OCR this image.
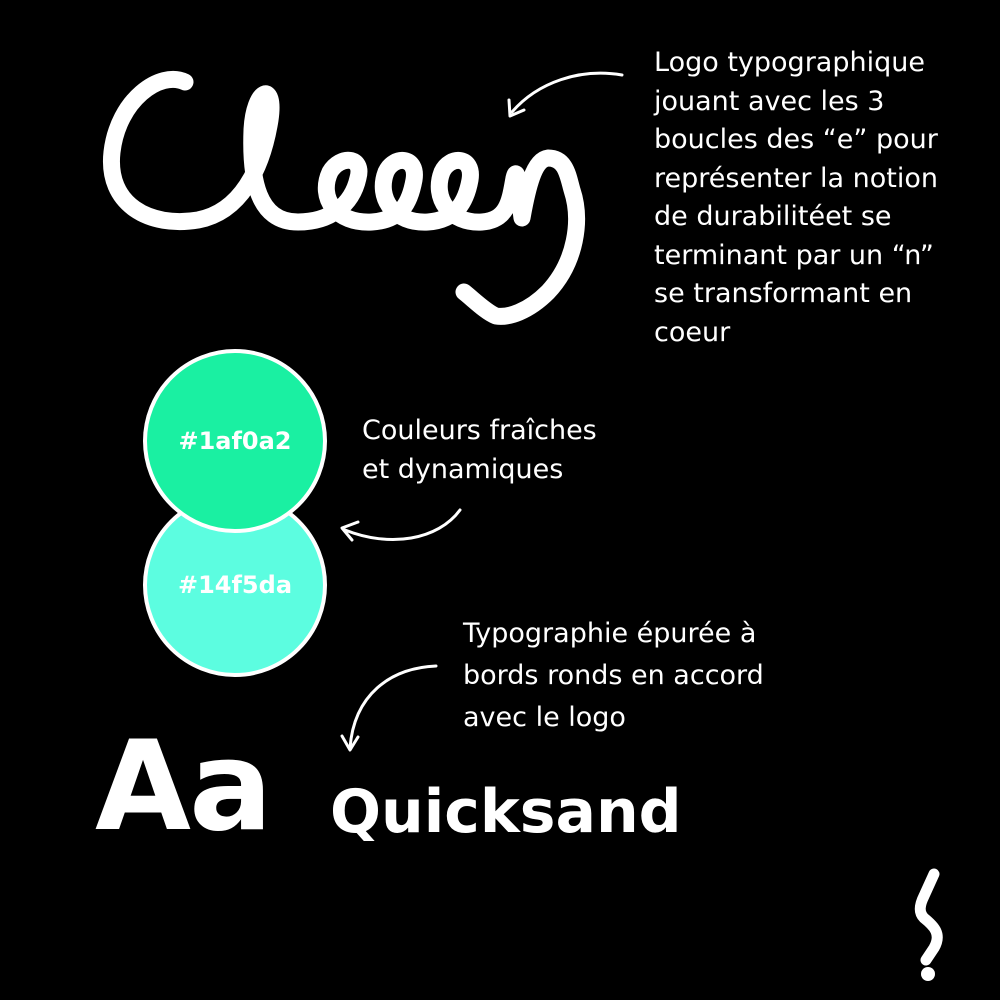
Logo typographique
jouant avec les 3
boucles des “e” pour
représenter la notion
de durabilitéet se
terminant par un “n”
se transformant en
coeur
#14f5da
#1af0a2	Couleurs fraîches
et dynamiques
Typographie épurée à
bords ronds en accord
avec le logo
Aa Quicksand
